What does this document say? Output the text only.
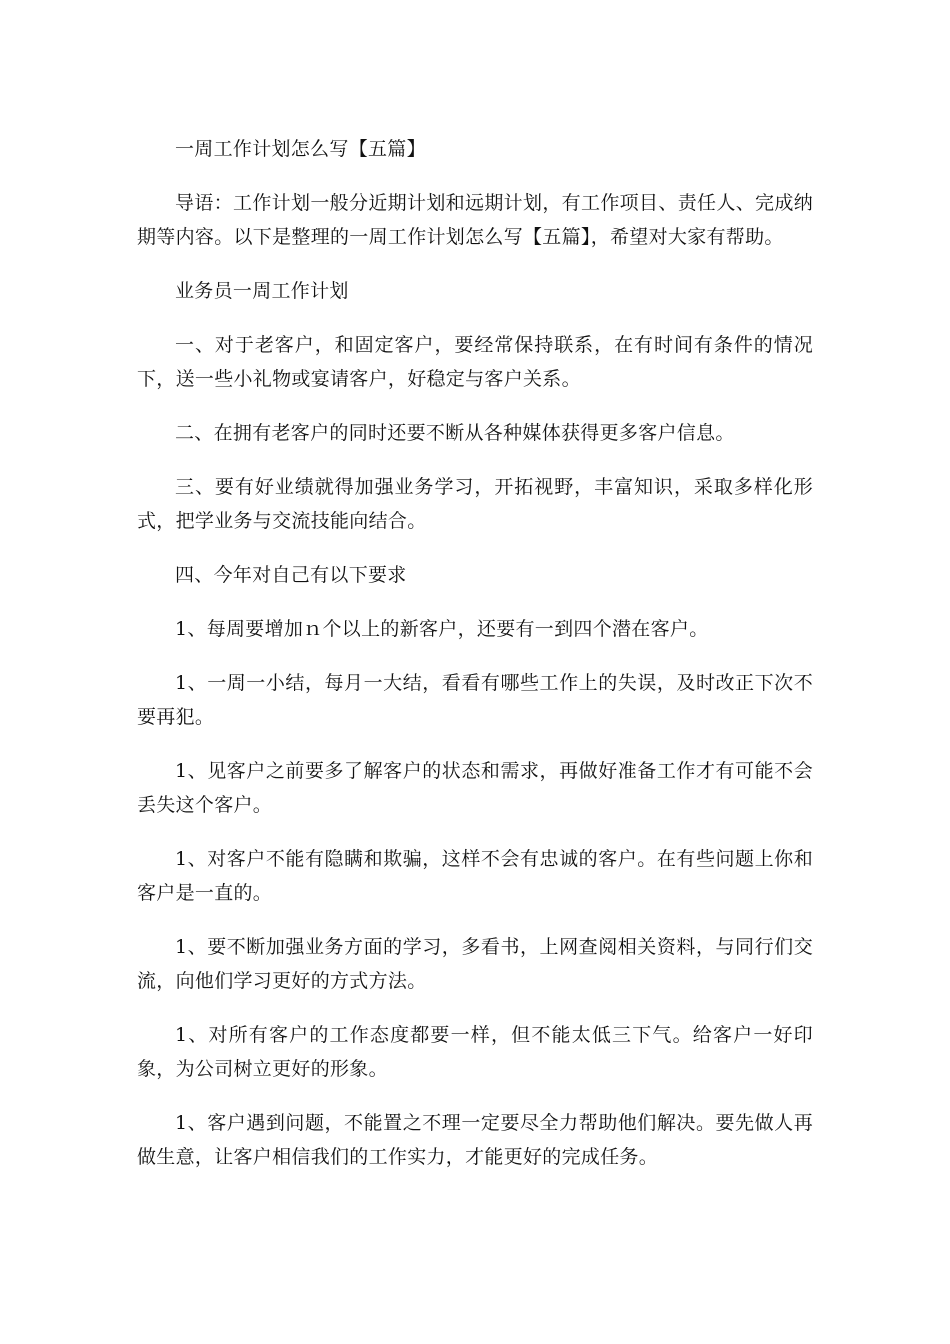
一周工作计划怎么写【五篇】

导语：工作计划一般分近期计划和远期计划，有工作项目、责任人、完成纳期等内容。以下是整理的一周工作计划怎么写【五篇】，希望对大家有帮助。

业务员一周工作计划

一、对于老客户，和固定客户，要经常保持联系，在有时间有条件的情况下，送一些小礼物或宴请客户，好稳定与客户关系。

二、在拥有老客户的同时还要不断从各种媒体获得更多客户信息。

三、要有好业绩就得加强业务学习，开拓视野，丰富知识，采取多样化形式，把学业务与交流技能向结合。

四、今年对自己有以下要求

1、每周要增加ｎ个以上的新客户，还要有一到四个潜在客户。

1、一周一小结，每月一大结，看看有哪些工作上的失误，及时改正下次不要再犯。

1、见客户之前要多了解客户的状态和需求，再做好准备工作才有可能不会丢失这个客户。

1、对客户不能有隐瞒和欺骗，这样不会有忠诚的客户。在有些问题上你和客户是一直的。

1、要不断加强业务方面的学习，多看书，上网查阅相关资料，与同行们交流，向他们学习更好的方式方法。

1、对所有客户的工作态度都要一样，但不能太低三下气。给客户一好印象，为公司树立更好的形象。

1、客户遇到问题，不能置之不理一定要尽全力帮助他们解决。要先做人再做生意，让客户相信我们的工作实力，才能更好的完成任务。
